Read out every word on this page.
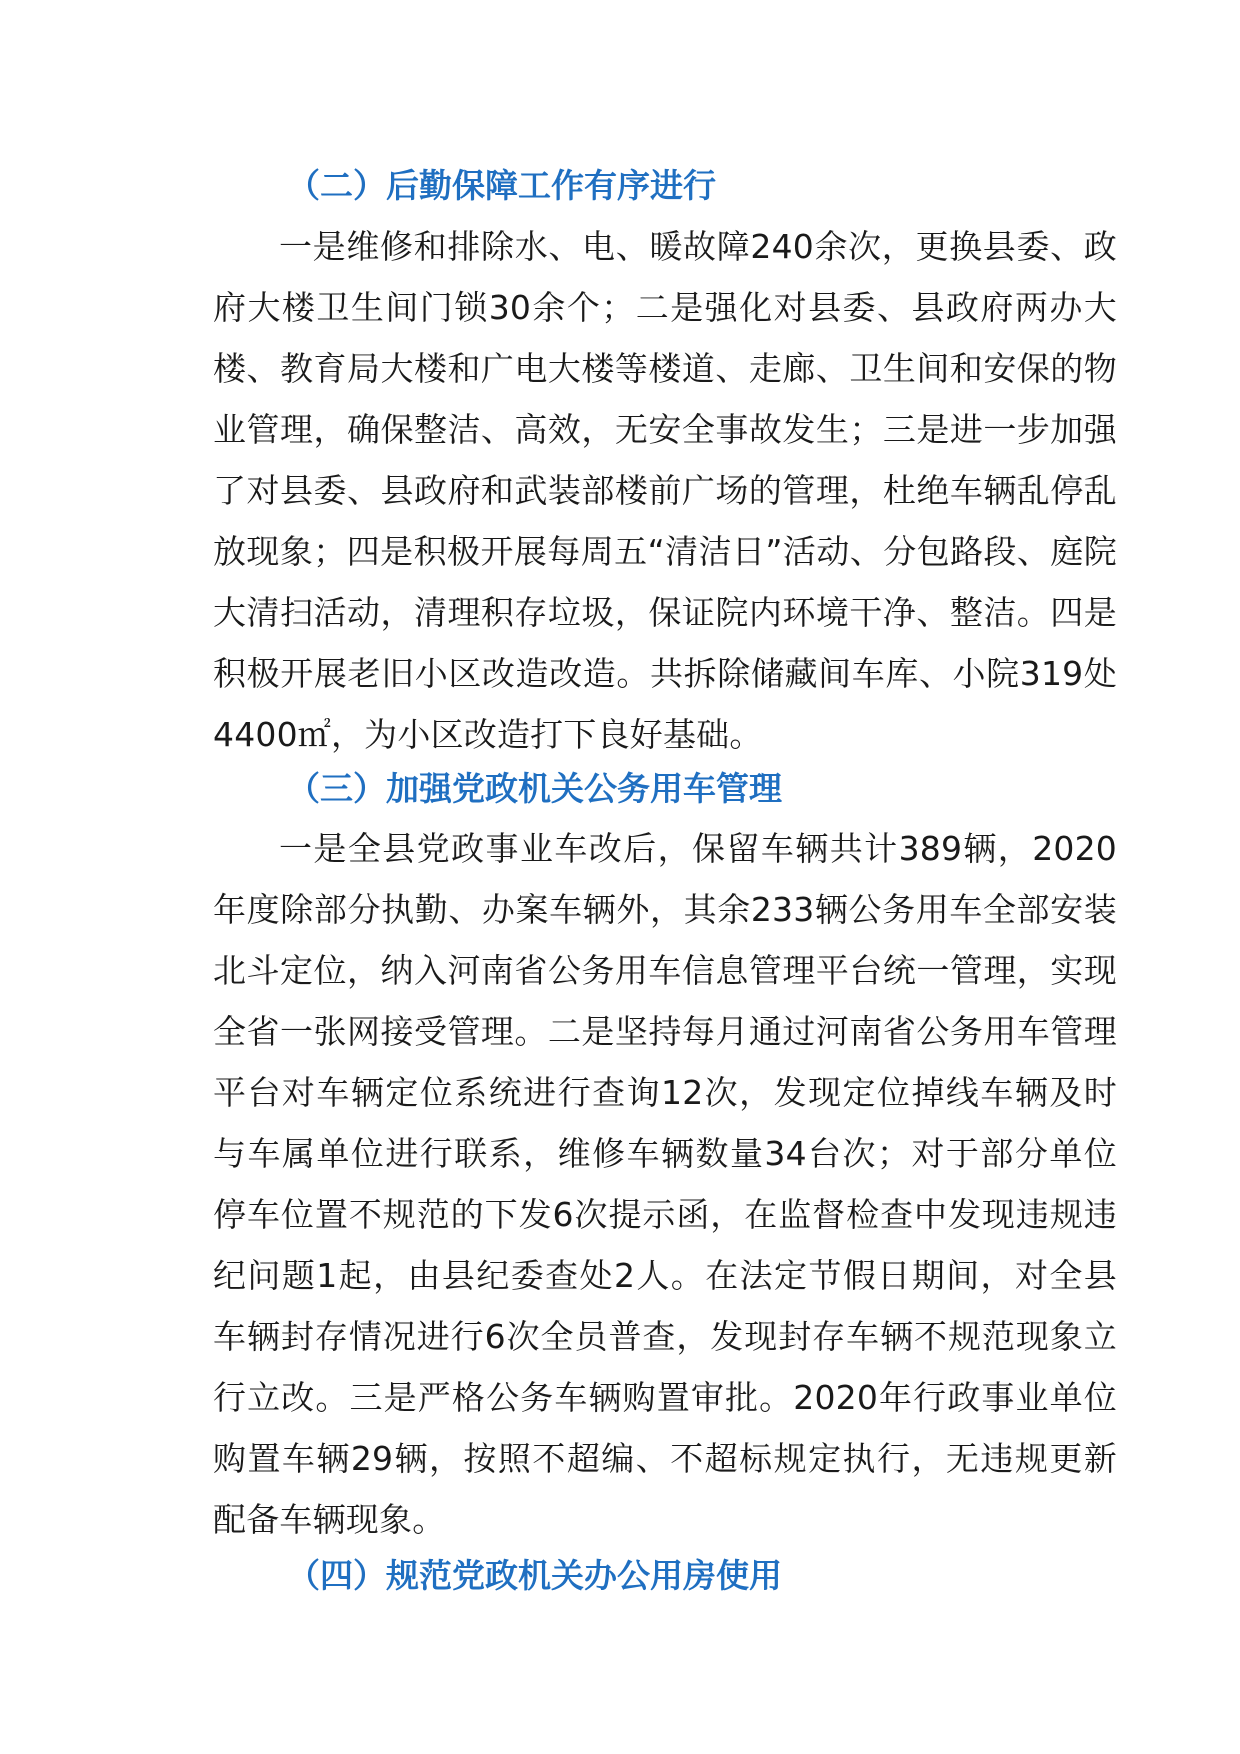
（二）后勤保障工作有序进行

一是维修和排除水、电、暖故障240余次，更换县委、政府大楼卫生间门锁30余个；二是强化对县委、县政府两办大楼、教育局大楼和广电大楼等楼道、走廊、卫生间和安保的物业管理，确保整洁、高效，无安全事故发生；三是进一步加强了对县委、县政府和武装部楼前广场的管理，杜绝车辆乱停乱放现象；四是积极开展每周五“清洁日”活动、分包路段、庭院大清扫活动，清理积存垃圾，保证院内环境干净、整洁。四是积极开展老旧小区改造改造。共拆除储藏间车库、小院319处4400㎡，为小区改造打下良好基础。

（三）加强党政机关公务用车管理

一是全县党政事业车改后，保留车辆共计389辆，2020年度除部分执勤、办案车辆外，其余233辆公务用车全部安装北斗定位，纳入河南省公务用车信息管理平台统一管理，实现全省一张网接受管理。二是坚持每月通过河南省公务用车管理平台对车辆定位系统进行查询12次，发现定位掉线车辆及时与车属单位进行联系，维修车辆数量34台次；对于部分单位停车位置不规范的下发6次提示函，在监督检查中发现违规违纪问题1起，由县纪委查处2人。在法定节假日期间，对全县车辆封存情况进行6次全员普查，发现封存车辆不规范现象立行立改。三是严格公务车辆购置审批。2020年行政事业单位购置车辆29辆，按照不超编、不超标规定执行，无违规更新配备车辆现象。

（四）规范党政机关办公用房使用
